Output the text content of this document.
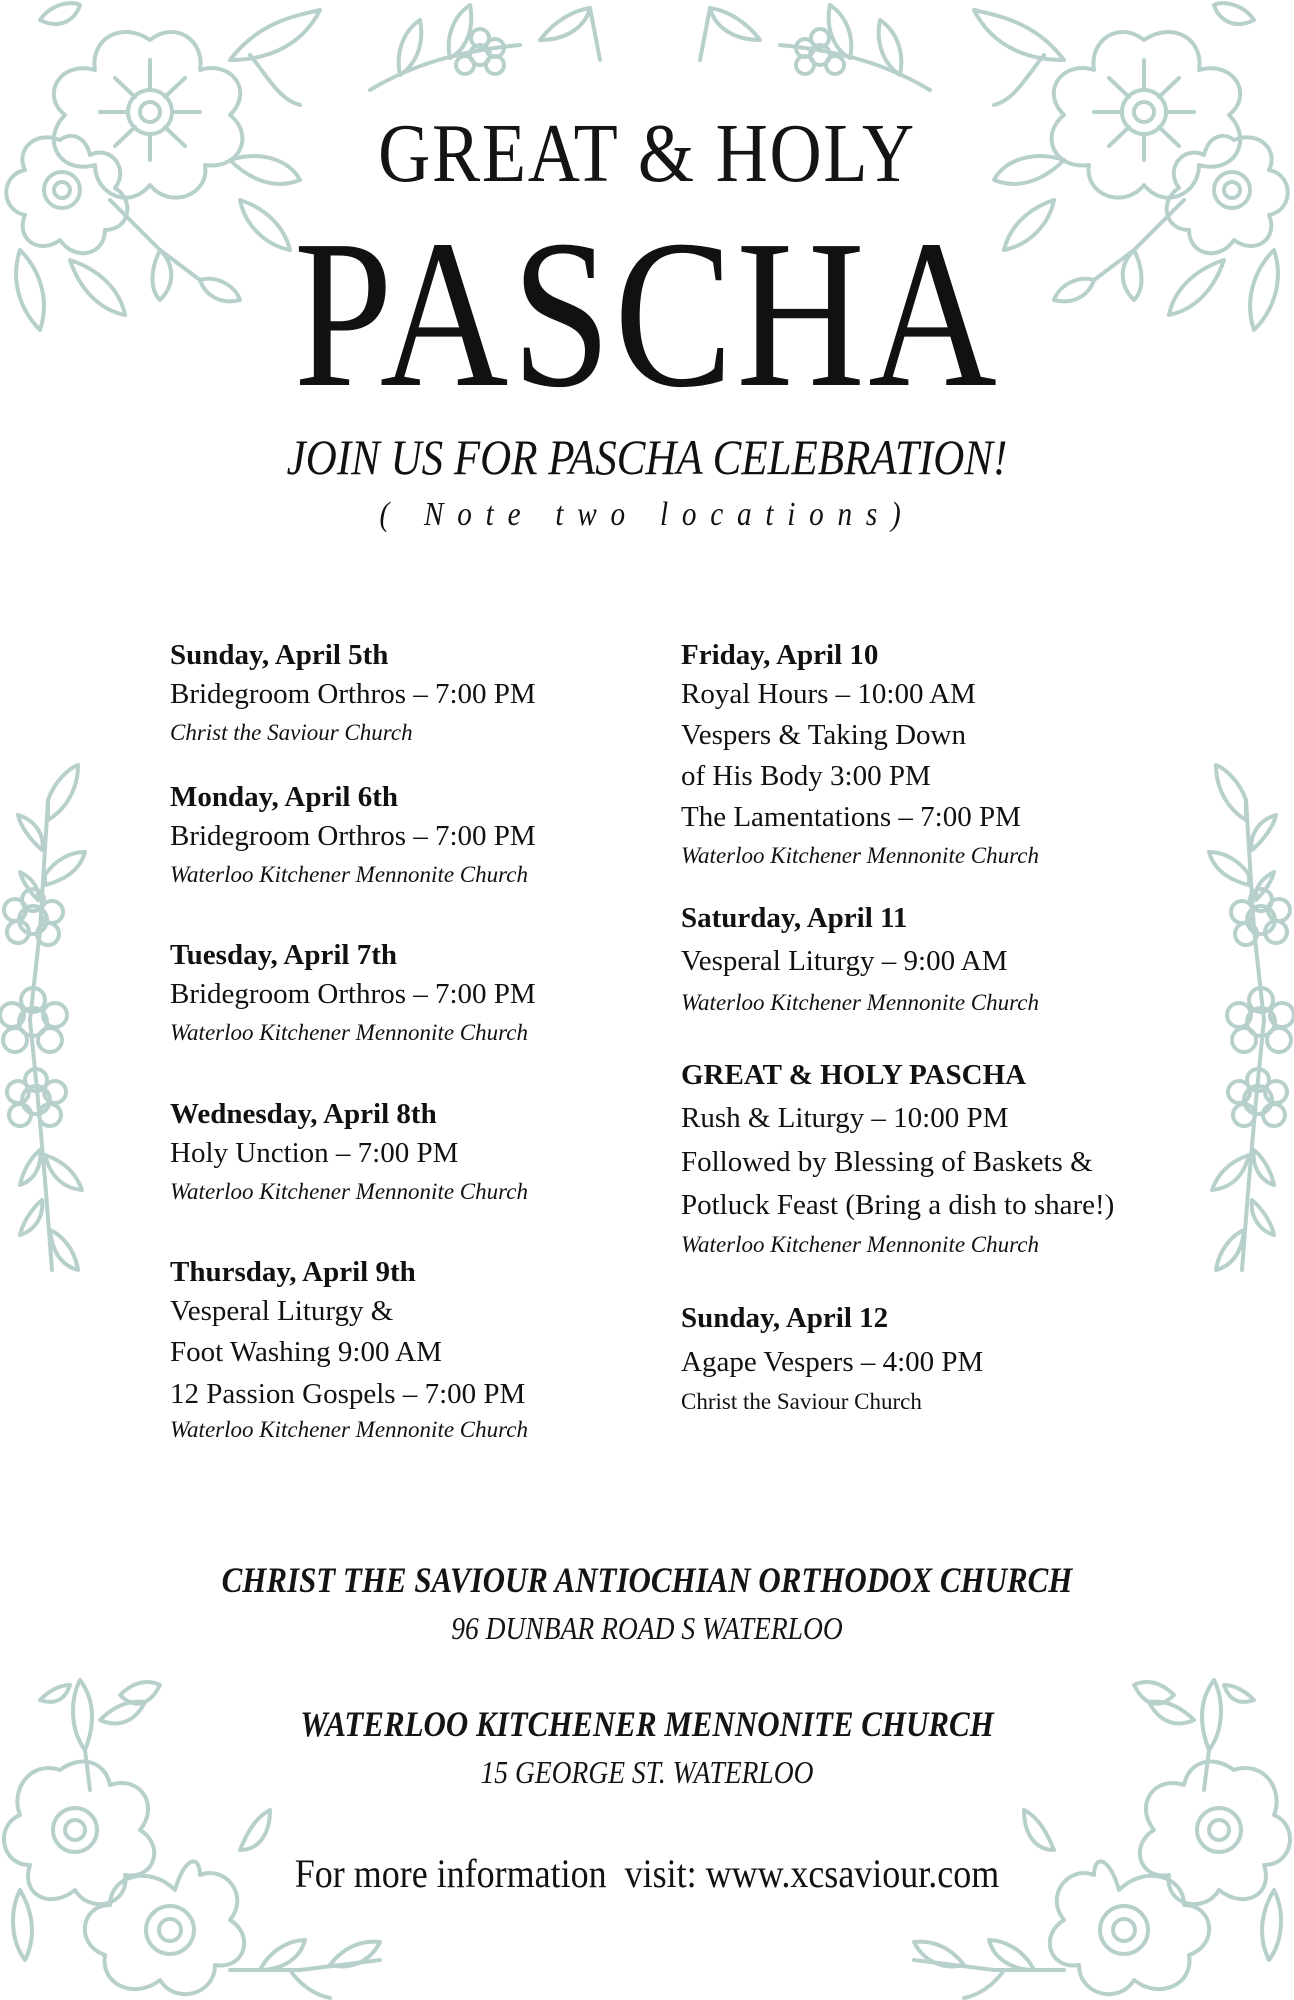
GREAT & HOLY
PASCHA
JOIN US FOR PASCHA CELEBRATION!
( Note two locations)
Sunday, April 5th
Bridegroom Orthros – 7:00 PM
Christ the Saviour Church
Monday, April 6th
Bridegroom Orthros – 7:00 PM
Waterloo Kitchener Mennonite Church
Tuesday, April 7th
Bridegroom Orthros – 7:00 PM
Waterloo Kitchener Mennonite Church
Wednesday, April 8th
Holy Unction – 7:00 PM
Waterloo Kitchener Mennonite Church
Thursday, April 9th
Vesperal Liturgy &
Foot Washing 9:00 AM
12 Passion Gospels – 7:00 PM
Waterloo Kitchener Mennonite Church
Friday, April 10
Royal Hours – 10:00 AM
Vespers & Taking Down
of His Body 3:00 PM
The Lamentations – 7:00 PM
Waterloo Kitchener Mennonite Church
Saturday, April 11
Vesperal Liturgy – 9:00 AM
Waterloo Kitchener Mennonite Church
GREAT & HOLY PASCHA
Rush & Liturgy – 10:00 PM
Followed by Blessing of Baskets &
Potluck Feast (Bring a dish to share!)
Waterloo Kitchener Mennonite Church
Sunday, April 12
Agape Vespers – 4:00 PM
Christ the Saviour Church
CHRIST THE SAVIOUR ANTIOCHIAN ORTHODOX CHURCH
96 DUNBAR ROAD S WATERLOO
WATERLOO KITCHENER MENNONITE CHURCH
15 GEORGE ST. WATERLOO
For more information  visit: www.xcsaviour.com
